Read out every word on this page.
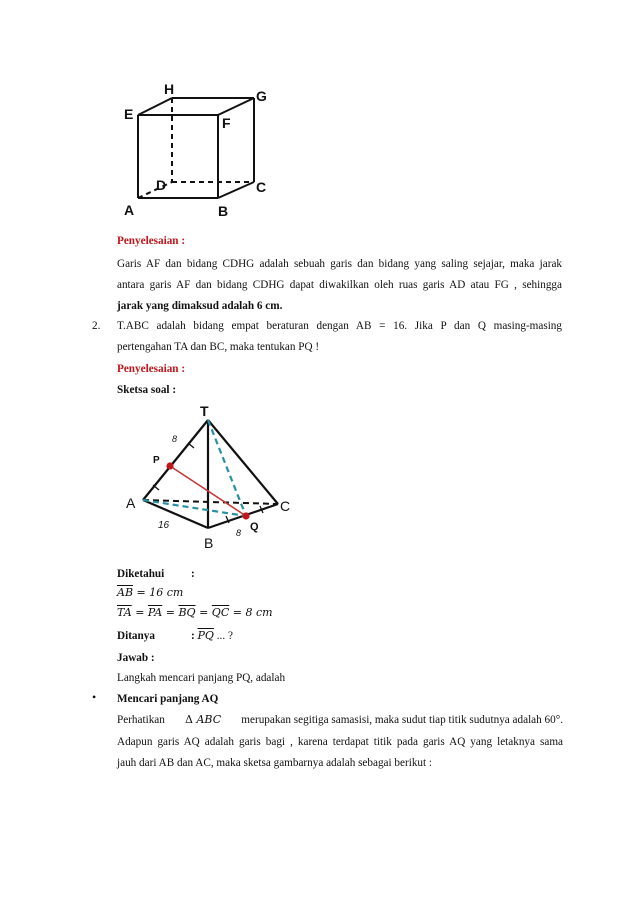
A	B
C
D
E
F
G
H
Penyelesaian :
Garis AF dan bidang CDHG adalah sebuah garis dan bidang yang saling sejajar, maka jarak
antara garis AF dan bidang CDHG dapat diwakilkan oleh ruas garis AD atau FG , sehingga
jarak yang dimaksud adalah 6 cm.
2. T.ABC adalah bidang empat beraturan dengan AB = 16. Jika P dan Q masing-masing
pertengahan TA dan BC, maka tentukan PQ !
Penyelesaian :
Sketsa soal :
T
P
A
B
C
Q
8
16
8
Diketahui :
$\overline{AB} = 16$ cm
$\overline{TA} = \overline{PA} = \overline{BQ} = \overline{QC} = 8$ cm
Ditanya	: $\overline{PQ}$ ... ?
Jawab :
Langkah mencari panjang PQ, adalah
• Mencari panjang AQ
Perhatikan Δ ABC merupakan segitiga samasisi, maka sudut tiap titik sudutnya adalah 60°.
Adapun garis AQ adalah garis bagi , karena terdapat titik pada garis AQ yang letaknya sama
jauh dari AB dan AC, maka sketsa gambarnya adalah sebagai berikut :
